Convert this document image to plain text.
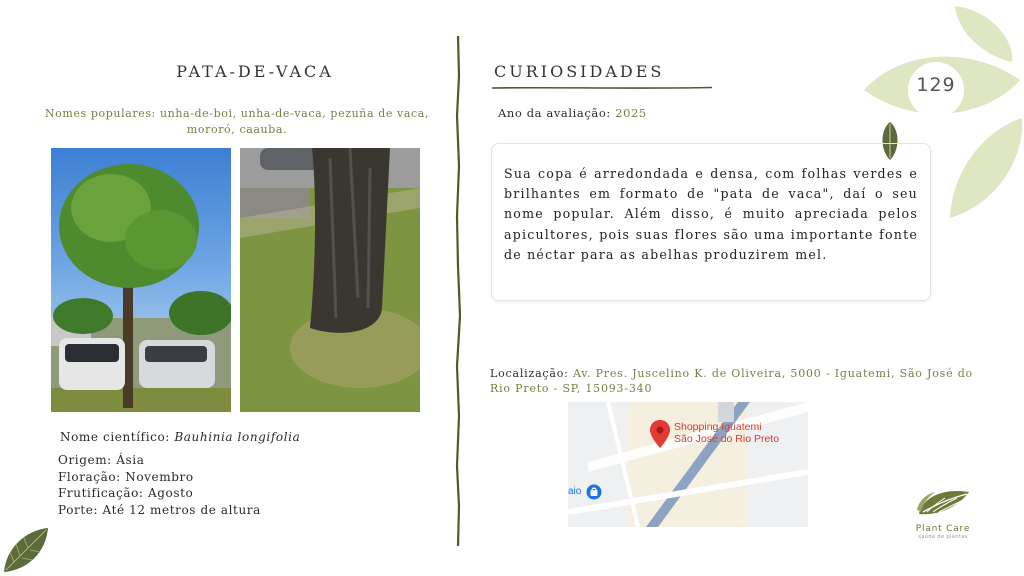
129
PATA-DE-VACA
Nomes populares: unha-de-boi, unha-de-vaca, pezuña de vaca, mororó, caauba.
Nome científico: Bauhinia longifolia
Origem: Ásia
Floração: Novembro
Frutificação: Agosto
Porte: Até 12 metros de altura
CURIOSIDADES
Ano da avaliação: 2025

Sua copa é arredondada e densa, com folhas verdes e brilhantes em formato de "pata de vaca", daí o seu nome popular. Além disso, é muito apreciada pelos apicultores, pois suas flores são uma importante fonte de néctar para as abelhas produzirem mel.

Localização: Av. Pres. Juscelino K. de Oliveira, 5000 - Iguatemi, São José do Rio Preto - SP, 15093-340
Shopping Iguatemi
São José do Rio Preto
aio
Plant Care
saúde de plantas
